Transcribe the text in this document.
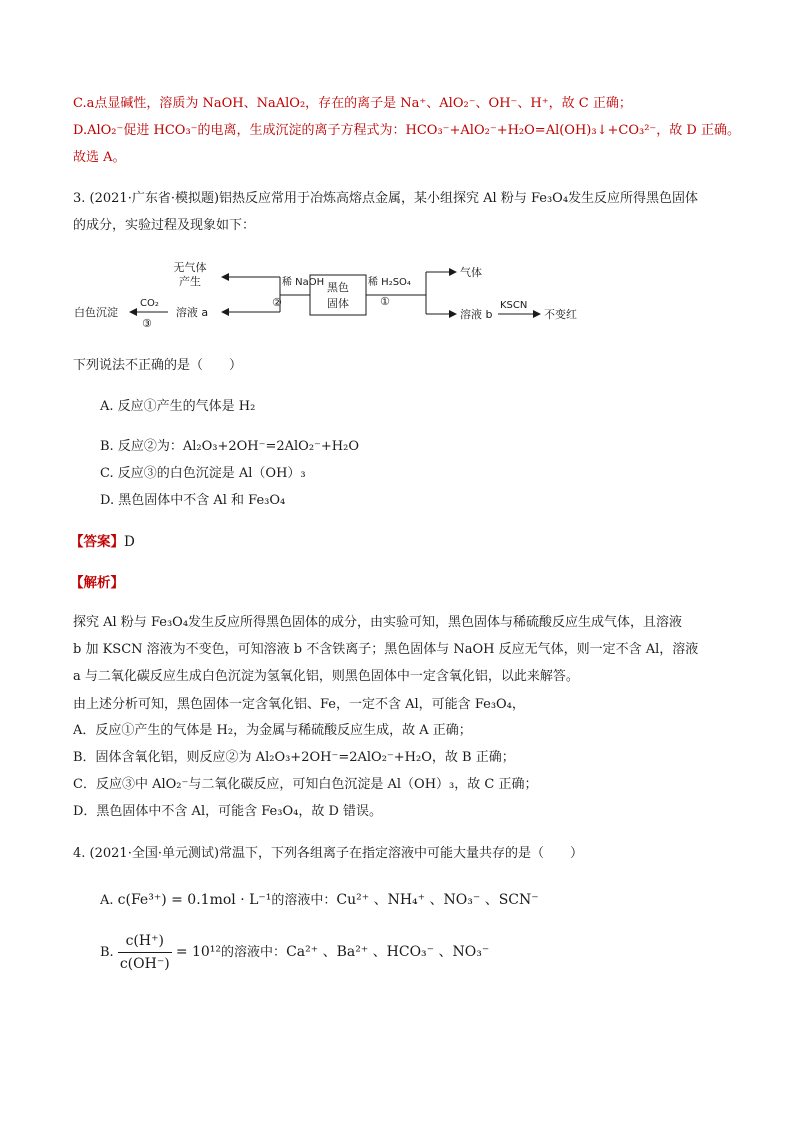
C.a点显碱性，溶质为 NaOH、NaAlO₂，存在的离子是 Na⁺、AlO₂⁻、OH⁻、H⁺，故 C 正确；
D.AlO₂⁻促进 HCO₃⁻的电离，生成沉淀的离子方程式为：HCO₃⁻+AlO₂⁻+H₂O=Al(OH)₃↓+CO₃²⁻，故 D 正确。
故选 A。
3. (2021·广东省·模拟题)铝热反应常用于冶炼高熔点金属，某小组探究 Al 粉与 Fe₃O₄发生反应所得黑色固体
的成分，实验过程及现象如下：
黑色
固体
稀 NaOH
②
无气体
产生
溶液 a
CO₂
③
白色沉淀
稀 H₂SO₄
①
气体
溶液 b
KSCN
不变红
下列说法不正确的是（　　）
A. 反应①产生的气体是 H₂
B. 反应②为：Al₂O₃+2OH⁻=2AlO₂⁻+H₂O
C. 反应③的白色沉淀是 Al（OH）₃
D. 黑色固体中不含 Al 和 Fe₃O₄
【答案】D
【解析】
探究 Al 粉与 Fe₃O₄发生反应所得黑色固体的成分，由实验可知，黑色固体与稀硫酸反应生成气体，且溶液
b 加 KSCN 溶液为不变色，可知溶液 b 不含铁离子；黑色固体与 NaOH 反应无气体，则一定不含 Al，溶液
a 与二氧化碳反应生成白色沉淀为氢氧化铝，则黑色固体中一定含氧化铝，以此来解答。
由上述分析可知，黑色固体一定含氧化铝、Fe，一定不含 Al，可能含 Fe₃O₄，
A．反应①产生的气体是 H₂，为金属与稀硫酸反应生成，故 A 正确；
B．固体含氧化铝，则反应②为 Al₂O₃+2OH⁻=2AlO₂⁻+H₂O，故 B 正确；
C．反应③中 AlO₂⁻与二氧化碳反应，可知白色沉淀是 Al（OH）₃，故 C 正确；
D．黑色固体中不含 Al，可能含 Fe₃O₄，故 D 错误。
4. (2021·全国·单元测试)常温下，下列各组离子在指定溶液中可能大量共存的是（　　）
A. c(Fe³⁺) = 0.1mol · L⁻¹的溶液中：Cu²⁺ 、NH₄⁺ 、NO₃⁻ 、SCN⁻
B. $\frac{c(H^+)}{c(OH^-)} = 10^{12}$的溶液中：Ca²⁺ 、Ba²⁺ 、HCO₃⁻ 、NO₃⁻
